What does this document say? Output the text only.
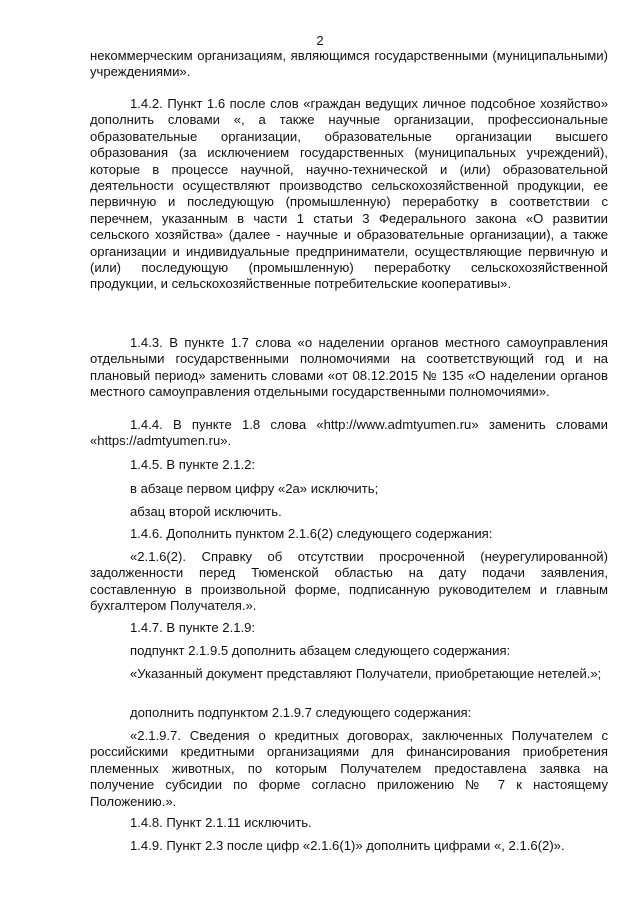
2

некоммерческим организациям, являющимся государственными (муниципальными) учреждениями».

1.4.2. Пункт 1.6 после слов «граждан ведущих личное подсобное хозяйство» дополнить словами «, а также научные организации, профессиональные образовательные организации, образовательные организации высшего образования (за исключением государственных (муниципальных учреждений), которые в процессе научной, научно-технической и (или) образовательной деятельности осуществляют производство сельскохозяйственной продукции, ее первичную и последующую (промышленную) переработку в соответствии с перечнем, указанным в части 1 статьи 3 Федерального закона «О развитии сельского хозяйства» (далее - научные и образовательные организации), а также организации и индивидуальные предприниматели, осуществляющие первичную и (или) последующую (промышленную) переработку сельскохозяйственной продукции, и сельскохозяйственные потребительские кооперативы».

1.4.3. В пункте 1.7 слова «о наделении органов местного самоуправления отдельными государственными полномочиями на соответствующий год и на плановый период» заменить словами «от 08.12.2015 № 135 «О наделении органов местного самоуправления отдельными государственными полномочиями».

1.4.4. В пункте 1.8 слова «http://www.admtyumen.ru» заменить словами «https://admtyumen.ru».

1.4.5. В пункте 2.1.2:

в абзаце первом цифру «2а» исключить;

абзац второй исключить.

1.4.6. Дополнить пунктом 2.1.6(2) следующего содержания:

«2.1.6(2). Справку об отсутствии просроченной (неурегулированной) задолженности перед Тюменской областью на дату подачи заявления, составленную в произвольной форме, подписанную руководителем и главным бухгалтером Получателя.».

1.4.7. В пункте 2.1.9:

подпункт 2.1.9.5 дополнить абзацем следующего содержания:

«Указанный документ представляют Получатели, приобретающие нетелей.»;

дополнить подпунктом 2.1.9.7 следующего содержания:

«2.1.9.7. Сведения о кредитных договорах, заключенных Получателем с российскими кредитными организациями для финансирования приобретения племенных животных, по которым Получателем предоставлена заявка на получение субсидии по форме согласно приложению № 7 к настоящему Положению.».

1.4.8. Пункт 2.1.11 исключить.

1.4.9. Пункт 2.3 после цифр «2.1.6(1)» дополнить цифрами «, 2.1.6(2)».
